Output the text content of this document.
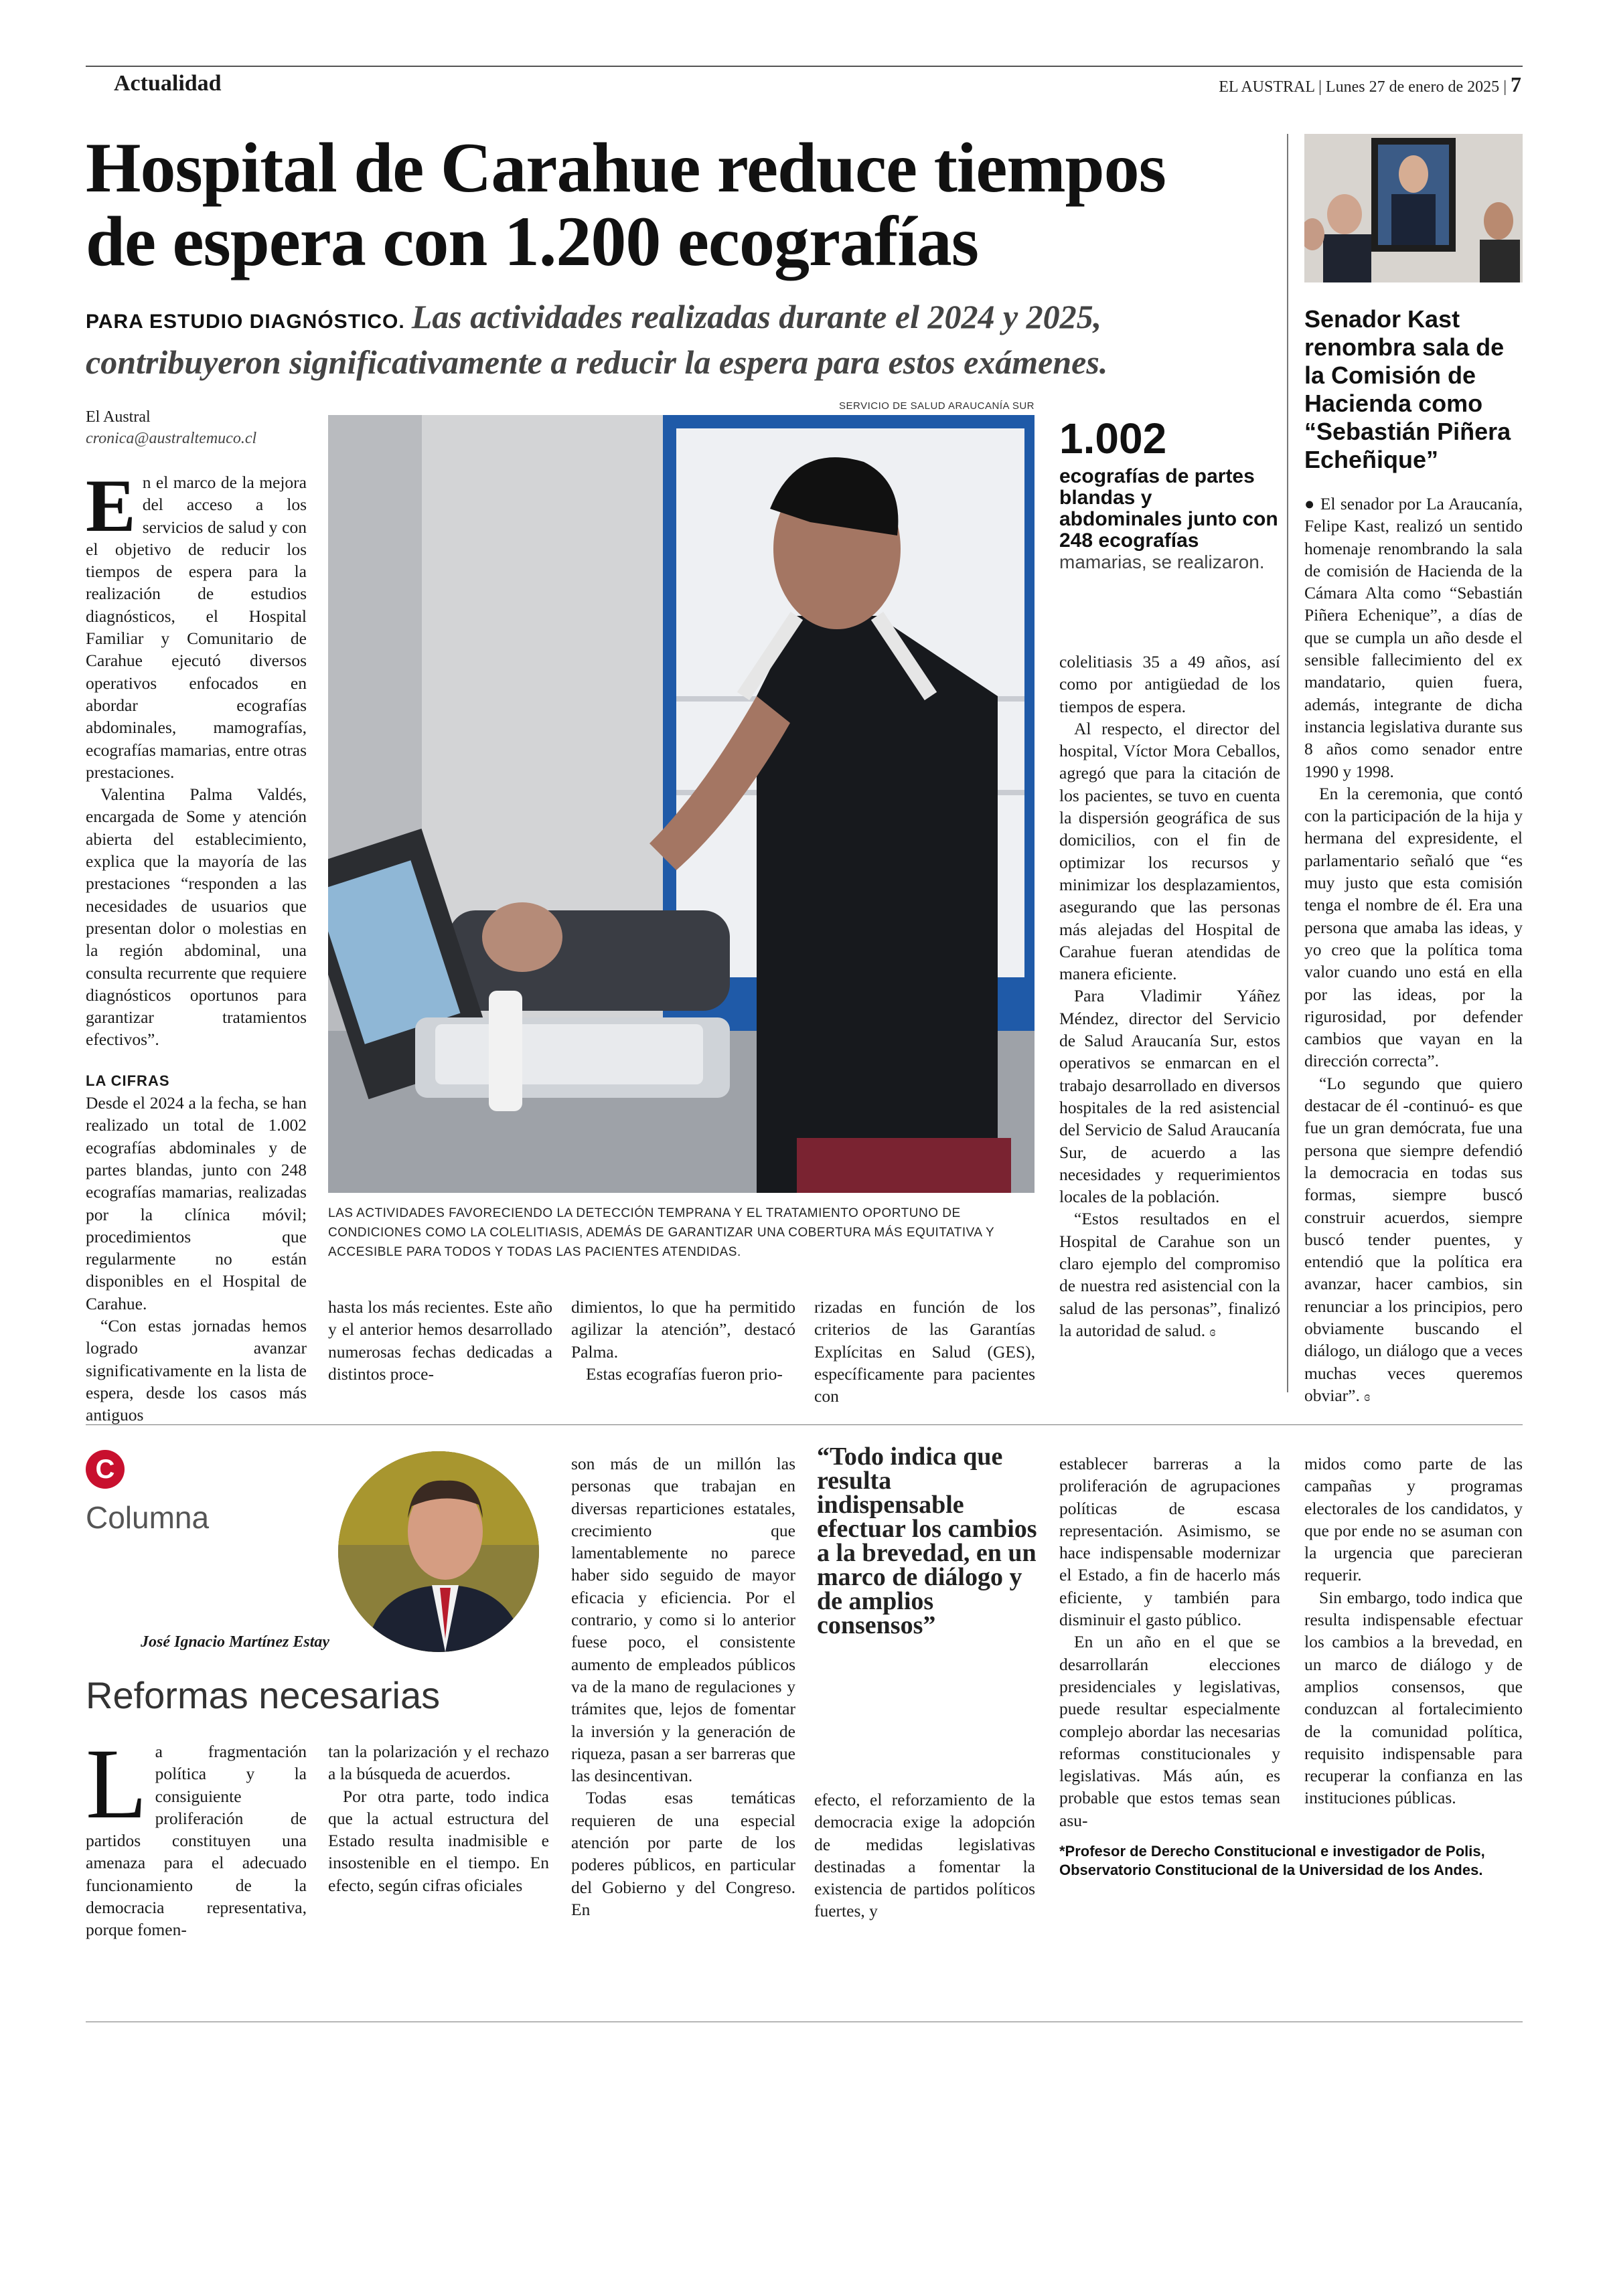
Actualidad	EL AUSTRAL | Lunes 27 de enero de 2025 | 7
Hospital de Carahue reduce tiempos
de espera con 1.200 ecografías
PARA ESTUDIO DIAGNÓSTICO. Las actividades realizadas durante el 2024 y 2025, contribuyeron significativamente a reducir la espera para estos exámenes.
El Austral
cronica@australtemuco.cl
SERVICIO DE SALUD ARAUCANÍA SUR
LAS ACTIVIDADES FAVORECIENDO LA DETECCIÓN TEMPRANA Y EL TRATAMIENTO OPORTUNO DE CONDICIONES COMO LA COLELITIASIS, ADEMÁS DE GARANTIZAR UNA COBERTURA MÁS EQUITATIVA Y ACCESIBLE PARA TODOS Y TODAS LAS PACIENTES ATENDIDAS.
1.002
ecografías de partes blandas y abdominales junto con 248 ecografías mamarias, se realizaron.

En el marco de la mejora del acceso a los servicios de salud y con el objetivo de reducir los tiempos de espera para la realización de estudios diagnósticos, el Hospital Familiar y Comunitario de Carahue ejecutó diversos operativos enfocados en abordar ecografías abdominales, mamografías, ecografías mamarias, entre otras prestaciones.

Valentina Palma Valdés, encargada de Some y atención abierta del establecimiento, explica que la mayoría de las prestaciones “responden a las necesidades de usuarios que presentan dolor o molestias en la región abdominal, una consulta recurrente que requiere diagnósticos oportunos para garantizar tratamientos efectivos”.

LA CIFRAS

Desde el 2024 a la fecha, se han realizado un total de 1.002 ecografías abdominales y de partes blandas, junto con 248 ecografías mamarias, realizadas por la clínica móvil; procedimientos que regularmente no están disponibles en el Hospital de Carahue.

“Con estas jornadas hemos logrado avanzar significativamente en la lista de espera, desde los casos más antiguos

hasta los más recientes. Este año y el anterior hemos desarrollado numerosas fechas dedicadas a distintos proce-

dimientos, lo que ha permitido agilizar la atención”, destacó Palma.

Estas ecografías fueron prio-

rizadas en función de los criterios de las Garantías Explícitas en Salud (GES), específicamente para pacientes con

colelitiasis 35 a 49 años, así como por antigüedad de los tiempos de espera.

Al respecto, el director del hospital, Víctor Mora Ceballos, agregó que para la citación de los pacientes, se tuvo en cuenta la dispersión geográfica de sus domicilios, con el fin de optimizar los recursos y minimizar los desplazamientos, asegurando que las personas más alejadas del Hospital de Carahue fueran atendidas de manera eficiente.

Para Vladimir Yáñez Méndez, director del Servicio de Salud Araucanía Sur, estos operativos se enmarcan en el trabajo desarrollado en diversos hospitales de la red asistencial del Servicio de Salud Araucanía Sur, de acuerdo a las necesidades y requerimientos locales de la población.

“Estos resultados en el Hospital de Carahue son un claro ejemplo del compromiso de nuestra red asistencial con la salud de las personas”, finalizó la autoridad de salud. ɞ

Senador Kast renombra sala de la Comisión de Hacienda como “Sebastián Piñera Echeñique”

● El senador por La Araucanía, Felipe Kast, realizó un sentido homenaje renombrando la sala de comisión de Hacienda de la Cámara Alta como “Sebastián Piñera Echenique”, a días de que se cumpla un año desde el sensible fallecimiento del ex mandatario, quien fuera, además, integrante de dicha instancia legislativa durante sus 8 años como senador entre 1990 y 1998.

En la ceremonia, que contó con la participación de la hija y hermana del expresidente, el parlamentario señaló que “es muy justo que esta comisión tenga el nombre de él. Era una persona que amaba las ideas, y yo creo que la política toma valor cuando uno está en ella por las ideas, por la rigurosidad, por defender cambios que vayan en la dirección correcta”.

“Lo segundo que quiero destacar de él -continuó- es que fue un gran demócrata, fue una persona que siempre defendió la democracia en todas sus formas, siempre buscó construir acuerdos, siempre buscó tender puentes, y entendió que la política era avanzar, hacer cambios, sin renunciar a los principios, pero obviamente buscando el diálogo, un diálogo que a veces muchas veces queremos obviar”. ɞ

C
Columna
José Ignacio Martínez Estay
Reformas necesarias

La fragmentación política y la consiguiente proliferación de partidos constituyen una amenaza para el adecuado funcionamiento de la democracia representativa, porque fomen-

tan la polarización y el rechazo a la búsqueda de acuerdos.

Por otra parte, todo indica que la actual estructura del Estado resulta inadmisible e insostenible en el tiempo. En efecto, según cifras oficiales

son más de un millón las personas que trabajan en diversas reparticiones estatales, crecimiento que lamentablemente no parece haber sido seguido de mayor eficacia y eficiencia. Por el contrario, y como si lo anterior fuese poco, el consistente aumento de empleados públicos va de la mano de regulaciones y trámites que, lejos de fomentar la inversión y la generación de riqueza, pasan a ser barreras que las desincentivan.

Todas esas temáticas requieren de una especial atención por parte de los poderes públicos, en particular del Gobierno y del Congreso. En

“Todo indica que resulta indispensable efectuar los cambios a la brevedad, en un marco de diálogo y de amplios consensos”

efecto, el reforzamiento de la democracia exige la adopción de medidas legislativas destinadas a fomentar la existencia de partidos políticos fuertes, y

establecer barreras a la proliferación de agrupaciones políticas de escasa representación. Asimismo, se hace indispensable modernizar el Estado, a fin de hacerlo más eficiente, y también para disminuir el gasto público.

En un año en el que se desarrollarán elecciones presidenciales y legislativas, puede resultar especialmente complejo abordar las necesarias reformas constitucionales y legislativas. Más aún, es probable que estos temas sean asu-

midos como parte de las campañas y programas electorales de los candidatos, y que por ende no se asuman con la urgencia que parecieran requerir.

Sin embargo, todo indica que resulta indispensable efectuar los cambios a la brevedad, en un marco de diálogo y de amplios consensos, que conduzcan al fortalecimiento de la comunidad política, requisito indispensable para recuperar la confianza en las instituciones públicas.

*Profesor de Derecho Constitucional e investigador de Polis, Observatorio Constitucional de la Universidad de los Andes.
